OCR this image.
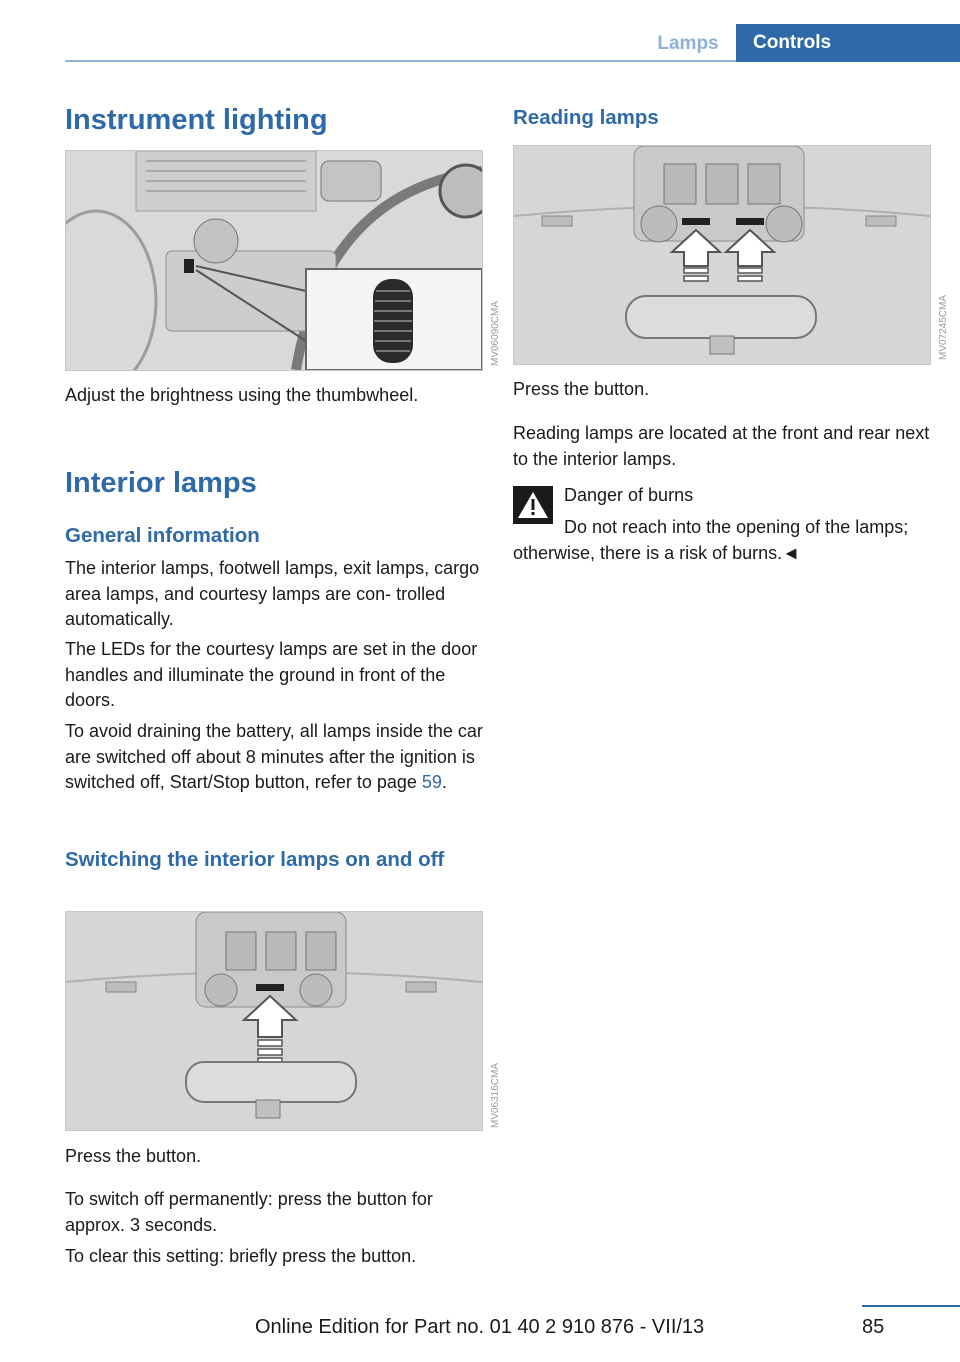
Lamps	Controls
Instrument lighting
MV06090CMA

Adjust the brightness using the thumbwheel.

Interior lamps
General information

The interior lamps, footwell lamps, exit lamps, cargo area lamps, and courtesy lamps are con‐ trolled automatically.

The LEDs for the courtesy lamps are set in the door handles and illuminate the ground in front of the doors.

To avoid draining the battery, all lamps inside the car are switched off about 8 minutes after the ignition is switched off, Start/Stop button, refer to page 59.

Switching the interior lamps on and off
MV06316CMA

Press the button.

To switch off permanently: press the button for approx. 3 seconds.

To clear this setting: briefly press the button.

Reading lamps
MV07245CMA

Press the button.

Reading lamps are located at the front and rear next to the interior lamps.

Danger of burns

Do not reach into the opening of the lamps; otherwise, there is a risk of burns.◄

85
Online Edition for Part no. 01 40 2 910 876 - VII/13
